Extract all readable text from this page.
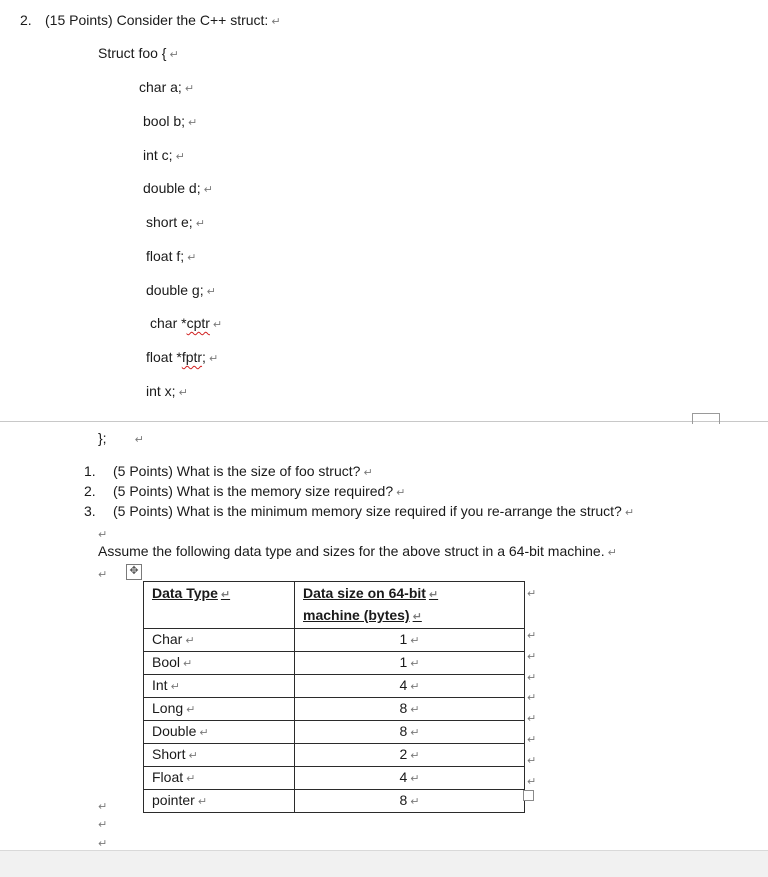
2. (15 Points) Consider the C++ struct: ↵
Struct foo { ↵
char a; ↵
bool b; ↵
int c; ↵
double d; ↵
short e; ↵
float f; ↵
double g; ↵
char *cptr ↵
float *fptr; ↵
int x; ↵
};	↵
1. (5 Points) What is the size of foo struct? ↵
2. (5 Points) What is the memory size required? ↵
3. (5 Points) What is the minimum memory size required if you re-arrange the struct? ↵
↵
Assume the following data type and sizes for the above struct in a 64-bit machine. ↵
↵	✥
Data Type ↵	Data size on 64-bit ↵
machine (bytes) ↵
Char ↵	1 ↵
Bool ↵	1 ↵
Int ↵	4 ↵
Long ↵	8 ↵
Double ↵	8 ↵
Short ↵	2 ↵
Float ↵	4 ↵
pointer ↵	8 ↵
↵
↵
↵
↵
↵
↵
↵
↵
↵
↵
↵
↵
